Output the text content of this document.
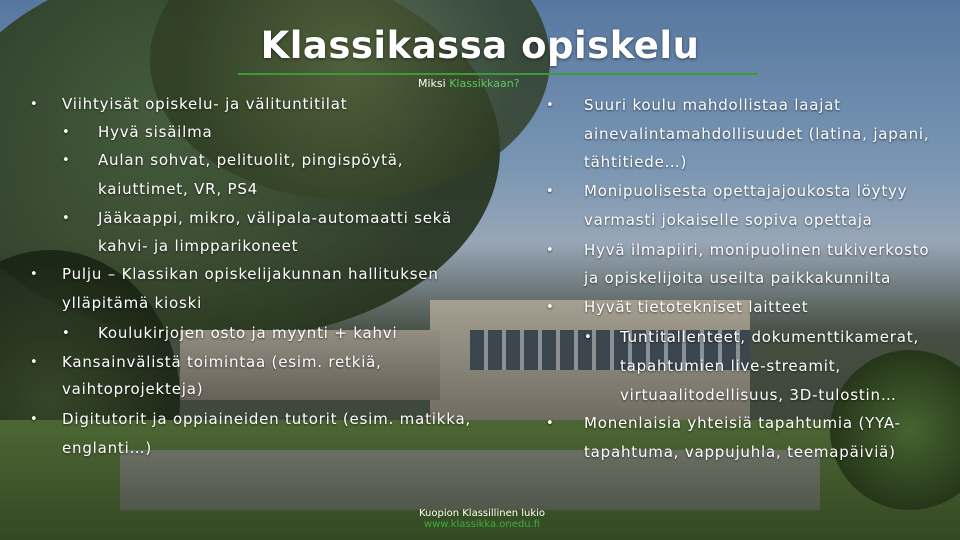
Klassikassa opiskelu
Miksi Klassikkaan?
• Viihtyisät opiskelu- ja välituntitilat
• Hyvä sisäilma
• Aulan sohvat, pelituolit, pingispöytä,
kaiuttimet, VR, PS4
• Jääkaappi, mikro, välipala-automaatti sekä
kahvi- ja limpparikoneet
• Pulju – Klassikan opiskelijakunnan hallituksen
ylläpitämä kioski
• Koulukirjojen osto ja myynti + kahvi
• Kansainvälistä toimintaa (esim. retkiä,
vaihtoprojekteja)
• Digitutorit ja oppiaineiden tutorit (esim. matikka,
englanti…)
• Suuri koulu mahdollistaa laajat
ainevalintamahdollisuudet (latina, japani,
tähtitiede…)
• Monipuolisesta opettajajoukosta löytyy
varmasti jokaiselle sopiva opettaja
• Hyvä ilmapiiri, monipuolinen tukiverkosto
ja opiskelijoita useilta paikkakunnilta
• Hyvät tietotekniset laitteet
• Tuntitallenteet, dokumenttikamerat,
tapahtumien live-streamit,
virtuaalitodellisuus, 3D-tulostin…
• Monenlaisia yhteisiä tapahtumia (YYA-
tapahtuma, vappujuhla, teemapäiviä)
Kuopion Klassillinen lukio
www.klassikka.onedu.fi
